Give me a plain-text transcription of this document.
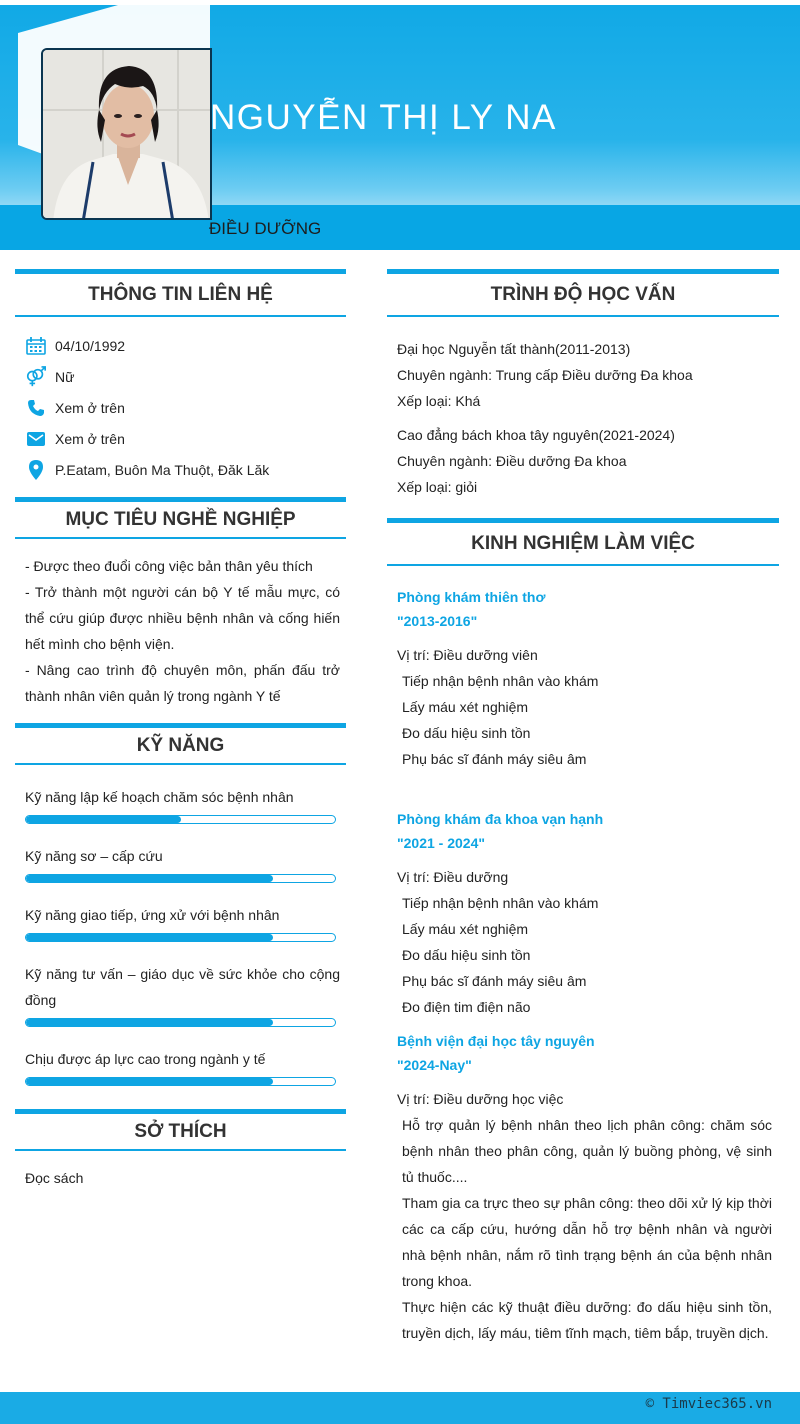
NGUYỄN THỊ LY NA
ĐIỀU DƯỠNG
THÔNG TIN LIÊN HỆ
04/10/1992
Nữ
Xem ở trên
Xem ở trên
P.Eatam, Buôn Ma Thuột, Đăk Lăk
MỤC TIÊU NGHỀ NGHIỆP
- Được theo đuổi công việc bản thân yêu thích
- Trở thành một người cán bộ Y tế mẫu mực, có thể cứu giúp được nhiều bệnh nhân và cống hiến hết mình cho bệnh viện.
- Nâng cao trình độ chuyên môn, phấn đấu trở thành nhân viên quản lý trong ngành Y tế
KỸ NĂNG
Kỹ năng lập kế hoạch chăm sóc bệnh nhân
Kỹ năng sơ – cấp cứu
Kỹ năng giao tiếp, ứng xử với bệnh nhân
Kỹ năng tư vấn – giáo dục về sức khỏe cho cộng đồng
Chịu được áp lực cao trong ngành y tế
SỞ THÍCH
Đọc sách
TRÌNH ĐỘ HỌC VẤN
Đại học Nguyễn tất thành(2011-2013)
Chuyên ngành: Trung cấp Điều dưỡng Đa khoa
Xếp loại: Khá
Cao đẳng bách khoa tây nguyên(2021-2024)
Chuyên ngành: Điều dưỡng Đa khoa
Xếp loại: giỏi
KINH NGHIỆM LÀM VIỆC
Phòng khám thiên thơ
"2013-2016"
Vị trí: Điều dưỡng viên
Tiếp nhận bệnh nhân vào khám
Lấy máu xét nghiệm
Đo dấu hiệu sinh tồn
Phụ bác sĩ đánh máy siêu âm
Phòng khám đa khoa vạn hạnh
"2021 - 2024"
Vị trí: Điều dưỡng
Tiếp nhận bệnh nhân vào khám
Lấy máu xét nghiệm
Đo dấu hiệu sinh tồn
Phụ bác sĩ đánh máy siêu âm
Đo điện tim điện não
Bệnh viện đại học tây nguyên
"2024-Nay"
Vị trí: Điều dưỡng học việc
Hỗ trợ quản lý bệnh nhân theo lịch phân công: chăm sóc bệnh nhân theo phân công, quản lý buồng phòng, vệ sinh tủ thuốc....
Tham gia ca trực theo sự phân công: theo dõi xử lý kịp thời các ca cấp cứu, hướng dẫn hỗ trợ bệnh nhân và người nhà bệnh nhân, nắm rõ tình trạng bệnh án của bệnh nhân trong khoa.
Thực hiện các kỹ thuật điều dưỡng: đo dấu hiệu sinh tồn, truyền dịch, lấy máu, tiêm tĩnh mạch, tiêm bắp, truyền dịch.
© Timviec365.vn
